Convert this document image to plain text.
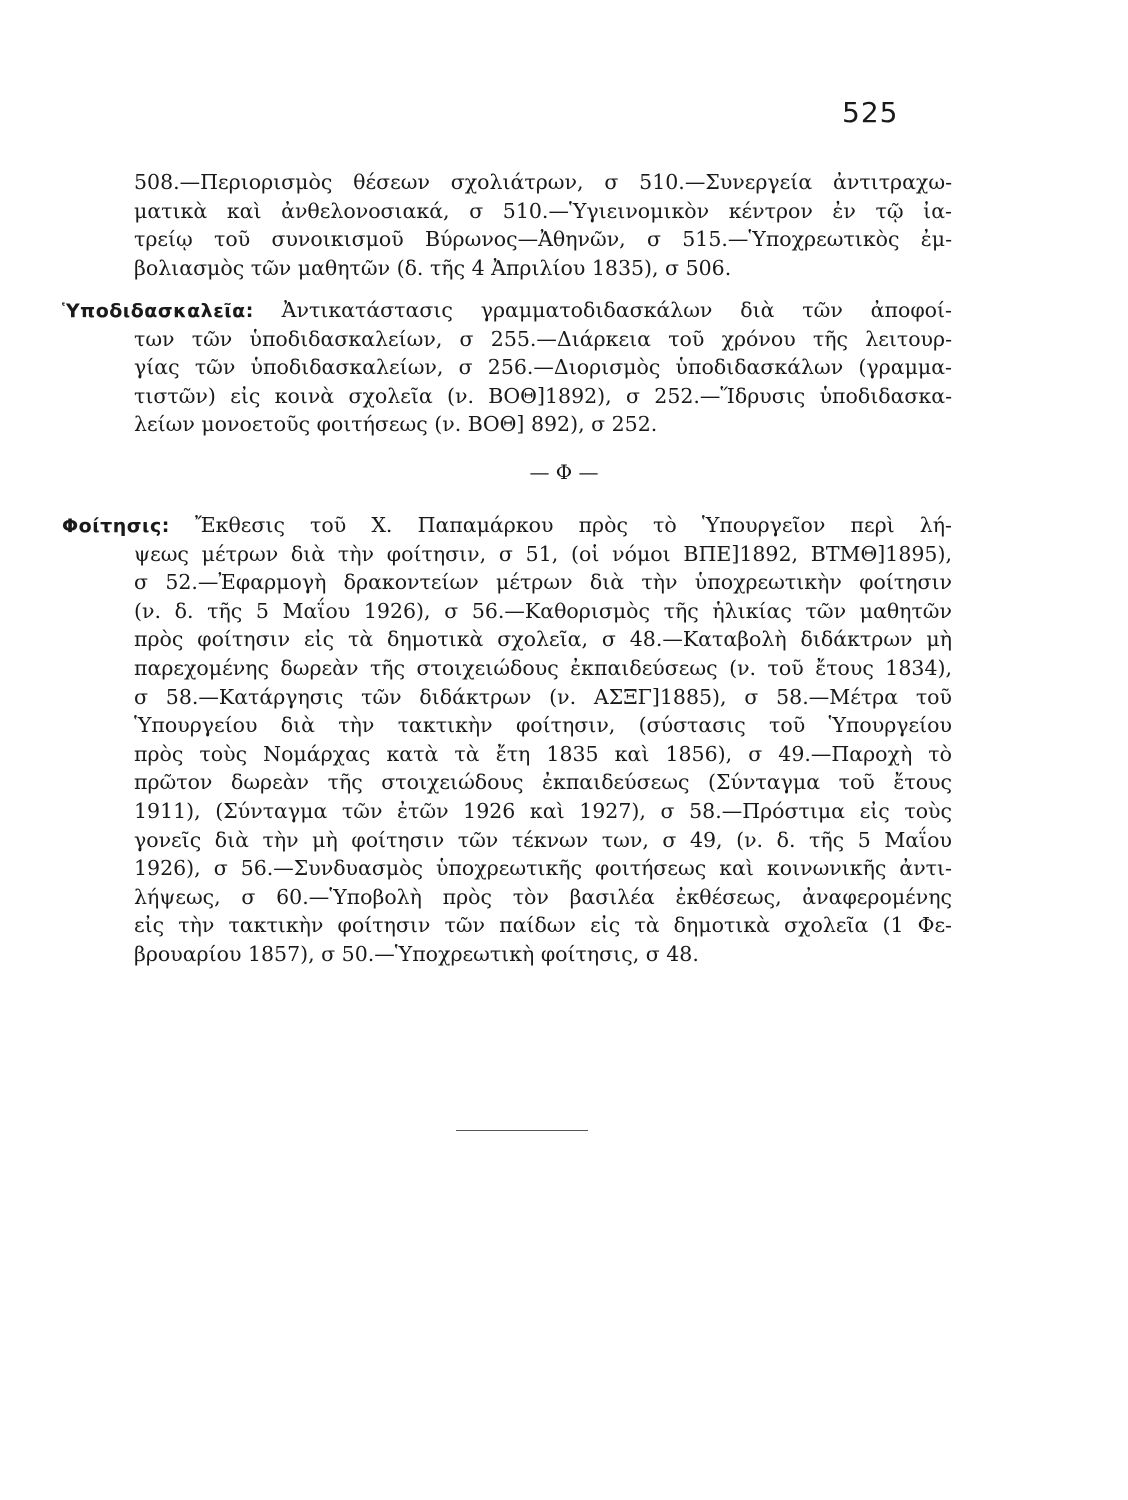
525
508.—Περιορισμὸς θέσεων σχολιάτρων, σ 510.—Συνεργεία ἀντιτραχω-
ματικὰ καὶ ἀνθελονοσιακά, σ 510.—Ὑγιεινομικὸν κέντρον ἐν τῷ ἰα-
τρείῳ τοῦ συνοικισμοῦ Βύρωνος—Ἀθηνῶν, σ 515.—Ὑποχρεωτικὸς ἐμ-
βολιασμὸς τῶν μαθητῶν (δ. τῆς 4 Ἀπριλίου 1835), σ 506.
Ὑποδιδασκαλεῖα: Ἀντικατάστασις γραμματοδιδασκάλων διὰ τῶν ἀποφοί-
των τῶν ὑποδιδασκαλείων, σ 255.—Διάρκεια τοῦ χρόνου τῆς λειτουρ-
γίας τῶν ὑποδιδασκαλείων, σ 256.—Διορισμὸς ὑποδιδασκάλων (γραμμα-
τιστῶν) εἰς κοινὰ σχολεῖα (ν. ΒΟΘ]1892), σ 252.—Ἵδρυσις ὑποδιδασκα-
λείων μονοετοῦς φοιτήσεως (ν. ΒΟΘ] 892), σ 252.
— Φ —
Φοίτησις: Ἔκθεσις τοῦ Χ. Παπαμάρκου πρὸς τὸ Ὑπουργεῖον περὶ λή-
ψεως μέτρων διὰ τὴν φοίτησιν, σ 51, (οἱ νόμοι ΒΠΕ]1892, ΒΤΜΘ]1895),
σ 52.—Ἐφαρμογὴ δρακοντείων μέτρων διὰ τὴν ὑποχρεωτικὴν φοίτησιν
(ν. δ. τῆς 5 Μαΐου 1926), σ 56.—Καθορισμὸς τῆς ἡλικίας τῶν μαθητῶν
πρὸς φοίτησιν εἰς τὰ δημοτικὰ σχολεῖα, σ 48.—Καταβολὴ διδάκτρων μὴ
παρεχομένης δωρεὰν τῆς στοιχειώδους ἐκπαιδεύσεως (ν. τοῦ ἔτους 1834),
σ 58.—Κατάργησις τῶν διδάκτρων (ν. ΑΣΞΓ]1885), σ 58.—Μέτρα τοῦ
Ὑπουργείου διὰ τὴν τακτικὴν φοίτησιν, (σύστασις τοῦ Ὑπουργείου
πρὸς τοὺς Νομάρχας κατὰ τὰ ἔτη 1835 καὶ 1856), σ 49.—Παροχὴ τὸ
πρῶτον δωρεὰν τῆς στοιχειώδους ἐκπαιδεύσεως (Σύνταγμα τοῦ ἔτους
1911), (Σύνταγμα τῶν ἐτῶν 1926 καὶ 1927), σ 58.—Πρόστιμα εἰς τοὺς
γονεῖς διὰ τὴν μὴ φοίτησιν τῶν τέκνων των, σ 49, (ν. δ. τῆς 5 Μαΐου
1926), σ 56.—Συνδυασμὸς ὑποχρεωτικῆς φοιτήσεως καὶ κοινωνικῆς ἀντι-
λήψεως, σ 60.—Ὑποβολὴ πρὸς τὸν βασιλέα ἐκθέσεως, ἀναφερομένης
εἰς τὴν τακτικὴν φοίτησιν τῶν παίδων εἰς τὰ δημοτικὰ σχολεῖα (1 Φε-
βρουαρίου 1857), σ 50.—Ὑποχρεωτικὴ φοίτησις, σ 48.
